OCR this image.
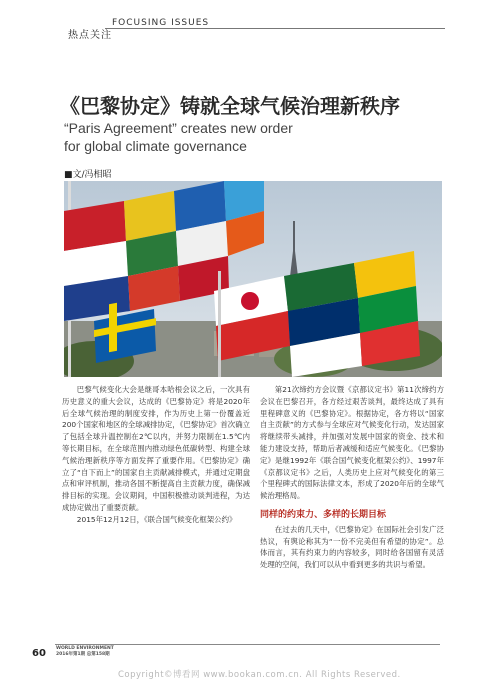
FOCUSING ISSUES
热点关注
《巴黎协定》铸就全球气候治理新秩序
“Paris Agreement” creates new order
for global climate governance
■文/冯相昭

巴黎气候变化大会是继哥本哈根会议之后，一次具有历史意义的重大会议，达成的《巴黎协定》将是2020年后全球气候治理的制度安排，作为历史上第一份覆盖近200个国家和地区的全球减排协定，《巴黎协定》首次确立了包括全球升温控制在2℃以内，并努力限制在1.5℃内等长期目标，在全球范围内推动绿色低碳转型、构建全球气候治理新秩序等方面发挥了重要作用。《巴黎协定》确立了“自下而上”的国家自主贡献减排模式，并通过定期盘点和审评机制，推动各国不断提高自主贡献力度，确保减排目标的实现。会议期间，中国积极推动谈判进程，为达成协定做出了重要贡献。

2015年12月12日，《联合国气候变化框架公约》

第21次缔约方会议暨《京都议定书》第11次缔约方会议在巴黎召开，各方经过艰苦谈判，最终达成了具有里程碑意义的《巴黎协定》。根据协定，各方将以“国家自主贡献”的方式参与全球应对气候变化行动，发达国家将继续带头减排，并加强对发展中国家的资金、技术和能力建设支持，帮助后者减缓和适应气候变化。《巴黎协定》是继1992年《联合国气候变化框架公约》、1997年《京都议定书》之后，人类历史上应对气候变化的第三个里程碑式的国际法律文本，形成了2020年后的全球气候治理格局。

同样的约束力、多样的长期目标

在过去的几天中，《巴黎协定》在国际社会引发广泛热议，有舆论称其为“一份不完美但有希望的协定”。总体而言，其有约束力的内容较多，同时给各国留有灵活处理的空间，我们可以从中看到更多的共识与希望。

60 WORLD ENVIRONMENT
2016年第1期 总第158期
Copyright©博看网 www.bookan.com.cn. All Rights Reserved.
